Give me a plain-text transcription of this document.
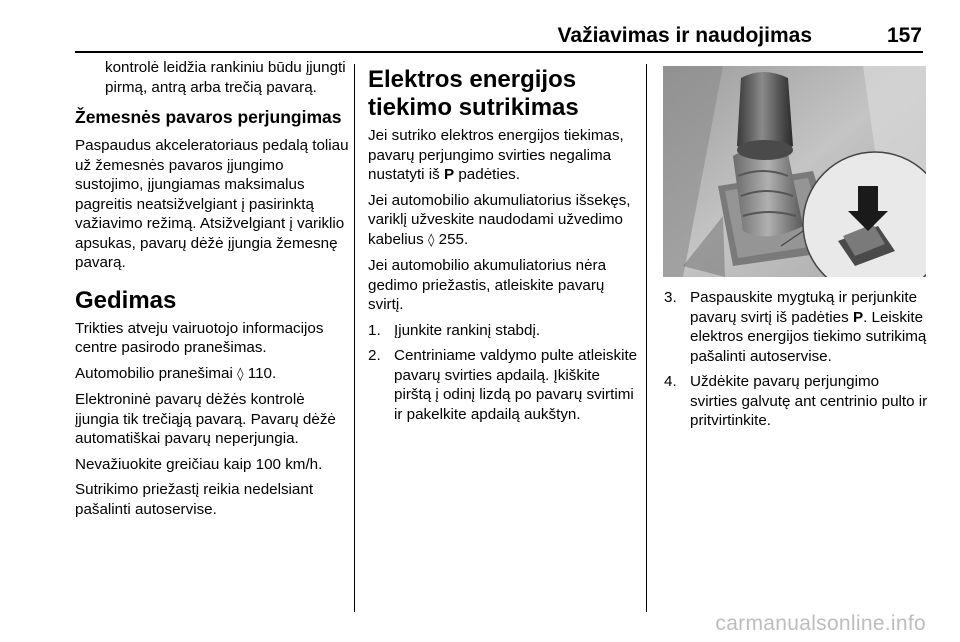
Važiavimas ir naudojimas	157

kontrolė leidžia rankiniu būdu įjungti pirmą, antrą arba trečią pavarą.

Žemesnės pavaros perjungimas

Paspaudus akceleratoriaus pedalą toliau už žemesnės pavaros įjungimo sustojimo, įjungiamas maksimalus pagreitis neatsižvelgiant į pasirinktą važiavimo režimą. Atsižvelgiant į variklio apsukas, pavarų dėžė įjungia žemesnę pavarą.

Gedimas

Trikties atveju vairuotojo informacijos centre pasirodo pranešimas.

Automobilio pranešimai ◊ 110.

Elektroninė pavarų dėžės kontrolė įjungia tik trečiąją pavarą. Pavarų dėžė automatiškai pavarų neperjungia.

Nevažiuokite greičiau kaip 100 km/h.

Sutrikimo priežastį reikia nedelsiant pašalinti autoservise.

Elektros energijos tiekimo sutrikimas

Jei sutriko elektros energijos tiekimas, pavarų perjungimo svirties negalima nustatyti iš P padėties.

Jei automobilio akumuliatorius išsekęs, variklį užveskite naudodami užvedimo kabelius ◊ 255.

Jei automobilio akumuliatorius nėra gedimo priežastis, atleiskite pavarų svirtį.

1. Įjunkite rankinį stabdį.
2. Centriniame valdymo pulte atleiskite pavarų svirties apdailą. Įkiškite pirštą į odinį lizdą po pavarų svirtimi ir pakelkite apdailą aukštyn.
3. Paspauskite mygtuką ir perjunkite pavarų svirtį iš padėties P. Leiskite elektros energijos tiekimo sutrikimą pašalinti autoservise.
4. Uždėkite pavarų perjungimo svirties galvutę ant centrinio pulto ir pritvirtinkite.
carmanualsonline.info
